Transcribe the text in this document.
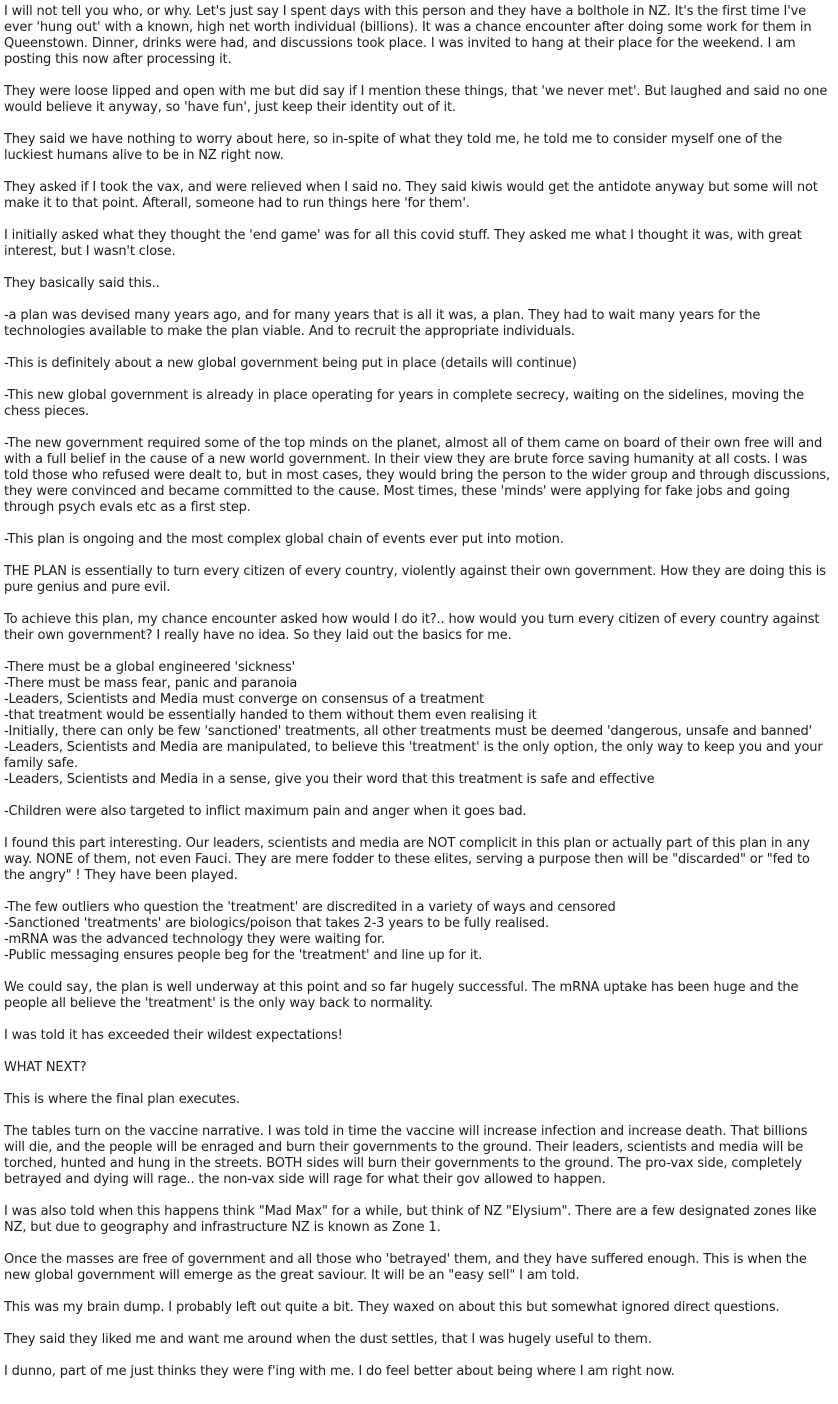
I will not tell you who, or why. Let's just say I spent days with this person and they have a bolthole in NZ. It's the first time I've ever 'hung out' with a known, high net worth individual (billions). It was a chance encounter after doing some work for them in Queenstown. Dinner, drinks were had, and discussions took place. I was invited to hang at their place for the weekend. I am posting this now after processing it.

They were loose lipped and open with me but did say if I mention these things, that 'we never met'. But laughed and said no one would believe it anyway, so 'have fun', just keep their identity out of it.

They said we have nothing to worry about here, so in-spite of what they told me, he told me to consider myself one of the luckiest humans alive to be in NZ right now.

They asked if I took the vax, and were relieved when I said no. They said kiwis would get the antidote anyway but some will not make it to that point. Afterall, someone had to run things here 'for them'.

I initially asked what they thought the 'end game' was for all this covid stuff. They asked me what I thought it was, with great interest, but I wasn't close.

They basically said this..

-a plan was devised many years ago, and for many years that is all it was, a plan. They had to wait many years for the technologies available to make the plan viable. And to recruit the appropriate individuals.

-This is definitely about a new global government being put in place (details will continue)

-This new global government is already in place operating for years in complete secrecy, waiting on the sidelines, moving the chess pieces.

-The new government required some of the top minds on the planet, almost all of them came on board of their own free will and with a full belief in the cause of a new world government. In their view they are brute force saving humanity at all costs. I was told those who refused were dealt to, but in most cases, they would bring the person to the wider group and through discussions, they were convinced and became committed to the cause. Most times, these 'minds' were applying for fake jobs and going through psych evals etc as a first step.

-This plan is ongoing and the most complex global chain of events ever put into motion.

THE PLAN is essentially to turn every citizen of every country, violently against their own government. How they are doing this is pure genius and pure evil.

To achieve this plan, my chance encounter asked how would I do it?.. how would you turn every citizen of every country against their own government? I really have no idea. So they laid out the basics for me.

-There must be a global engineered 'sickness'
-There must be mass fear, panic and paranoia
-Leaders, Scientists and Media must converge on consensus of a treatment
-that treatment would be essentially handed to them without them even realising it
-Initially, there can only be few 'sanctioned' treatments, all other treatments must be deemed 'dangerous, unsafe and banned'
-Leaders, Scientists and Media are manipulated, to believe this 'treatment' is the only option, the only way to keep you and your family safe.
-Leaders, Scientists and Media in a sense, give you their word that this treatment is safe and effective

-Children were also targeted to inflict maximum pain and anger when it goes bad.

I found this part interesting. Our leaders, scientists and media are NOT complicit in this plan or actually part of this plan in any way. NONE of them, not even Fauci. They are mere fodder to these elites, serving a purpose then will be "discarded" or "fed to the angry" ! They have been played.

-The few outliers who question the 'treatment' are discredited in a variety of ways and censored
-Sanctioned 'treatments' are biologics/poison that takes 2-3 years to be fully realised.
-mRNA was the advanced technology they were waiting for.
-Public messaging ensures people beg for the 'treatment' and line up for it.

We could say, the plan is well underway at this point and so far hugely successful. The mRNA uptake has been huge and the people all believe the 'treatment' is the only way back to normality.

I was told it has exceeded their wildest expectations!

WHAT NEXT?

This is where the final plan executes.

The tables turn on the vaccine narrative. I was told in time the vaccine will increase infection and increase death. That billions will die, and the people will be enraged and burn their governments to the ground. Their leaders, scientists and media will be torched, hunted and hung in the streets. BOTH sides will burn their governments to the ground. The pro-vax side, completely betrayed and dying will rage.. the non-vax side will rage for what their gov allowed to happen.

I was also told when this happens think "Mad Max" for a while, but think of NZ "Elysium". There are a few designated zones like NZ, but due to geography and infrastructure NZ is known as Zone 1.

Once the masses are free of government and all those who 'betrayed' them, and they have suffered enough. This is when the new global government will emerge as the great saviour. It will be an "easy sell" I am told.

This was my brain dump. I probably left out quite a bit. They waxed on about this but somewhat ignored direct questions.

They said they liked me and want me around when the dust settles, that I was hugely useful to them.

I dunno, part of me just thinks they were f'ing with me. I do feel better about being where I am right now.
